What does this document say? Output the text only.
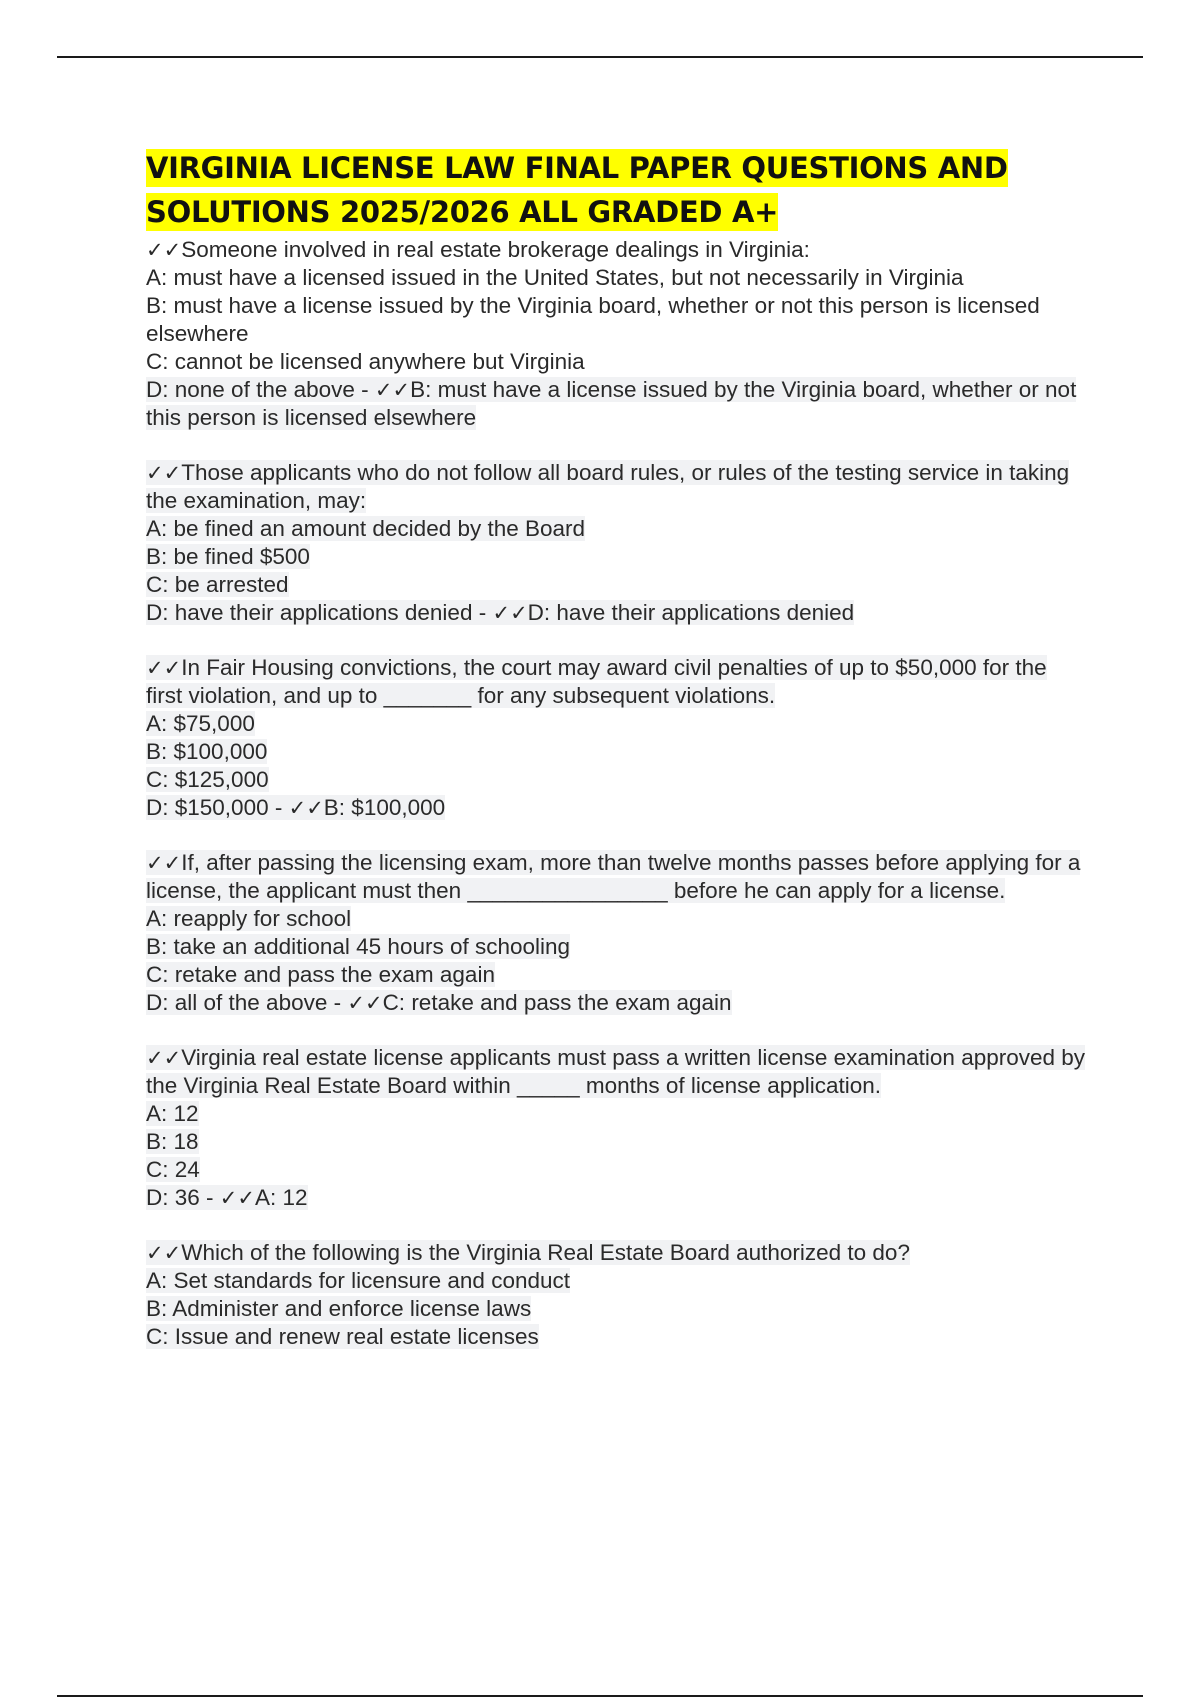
VIRGINIA LICENSE LAW FINAL PAPER QUESTIONS AND
SOLUTIONS 2025/2026 ALL GRADED A+
✓✓Someone involved in real estate brokerage dealings in Virginia:
A: must have a licensed issued in the United States, but not necessarily in Virginia
B: must have a license issued by the Virginia board, whether or not this person is licensed elsewhere
C: cannot be licensed anywhere but Virginia
D: none of the above - ✓✓B: must have a license issued by the Virginia board, whether or not this person is licensed elsewhere
✓✓Those applicants who do not follow all board rules, or rules of the testing service in taking the examination, may:
A: be fined an amount decided by the Board
B: be fined $500
C: be arrested
D: have their applications denied - ✓✓D: have their applications denied
✓✓In Fair Housing convictions, the court may award civil penalties of up to $50,000 for the first violation, and up to _______ for any subsequent violations.
A: $75,000
B: $100,000
C: $125,000
D: $150,000 - ✓✓B: $100,000
✓✓If, after passing the licensing exam, more than twelve months passes before applying for a license, the applicant must then ________________ before he can apply for a license.
A: reapply for school
B: take an additional 45 hours of schooling
C: retake and pass the exam again
D: all of the above - ✓✓C: retake and pass the exam again
✓✓Virginia real estate license applicants must pass a written license examination approved by the Virginia Real Estate Board within _____ months of license application.
A: 12
B: 18
C: 24
D: 36 - ✓✓A: 12
✓✓Which of the following is the Virginia Real Estate Board authorized to do?
A: Set standards for licensure and conduct
B: Administer and enforce license laws
C: Issue and renew real estate licenses
